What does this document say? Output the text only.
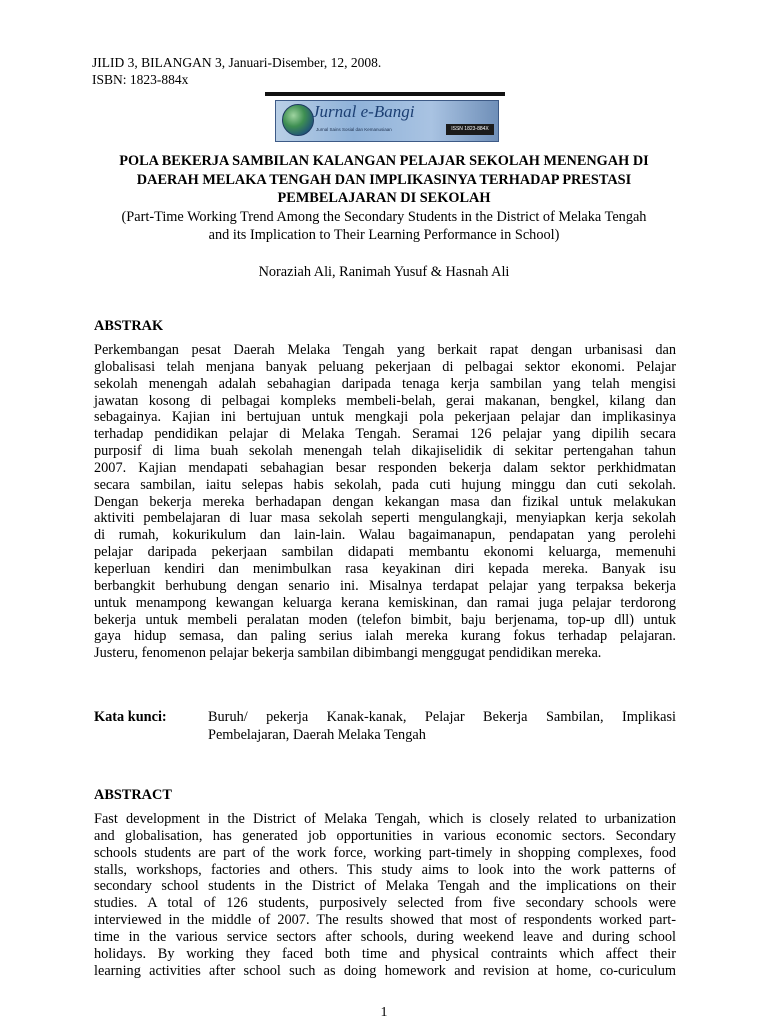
JILID 3, BILANGAN 3, Januari-Disember, 12, 2008.
ISBN: 1823-884x
Jurnal e-Bangi
Jurnal Sains Sosial dan Kemanusiaan	ISSN 1823-884X
POLA BEKERJA SAMBILAN KALANGAN PELAJAR SEKOLAH MENENGAH DI
DAERAH MELAKA TENGAH DAN IMPLIKASINYA TERHADAP PRESTASI
PEMBELAJARAN DI SEKOLAH
(Part-Time Working Trend Among the Secondary Students in the District of Melaka Tengah
and its Implication to Their Learning Performance in School)
Noraziah Ali, Ranimah Yusuf & Hasnah Ali
ABSTRAK
Perkembangan pesat Daerah Melaka Tengah yang berkait rapat dengan urbanisasi dan
globalisasi telah menjana banyak peluang pekerjaan di pelbagai sektor ekonomi. Pelajar
sekolah menengah adalah sebahagian daripada tenaga kerja sambilan yang telah mengisi
jawatan kosong di pelbagai kompleks membeli-belah, gerai makanan, bengkel, kilang dan
sebagainya. Kajian ini bertujuan untuk mengkaji pola pekerjaan pelajar dan implikasinya
terhadap pendidikan pelajar di Melaka Tengah. Seramai 126 pelajar yang dipilih secara
purposif di lima buah sekolah menengah telah dikajiselidik di sekitar pertengahan tahun
2007. Kajian mendapati sebahagian besar responden bekerja dalam sektor perkhidmatan
secara sambilan, iaitu selepas habis sekolah, pada cuti hujung minggu dan cuti sekolah.
Dengan bekerja mereka berhadapan dengan kekangan masa dan fizikal untuk melakukan
aktiviti pembelajaran di luar masa sekolah seperti mengulangkaji, menyiapkan kerja sekolah
di rumah, kokurikulum dan lain-lain. Walau bagaimanapun, pendapatan yang perolehi
pelajar daripada pekerjaan sambilan didapati membantu ekonomi keluarga, memenuhi
keperluan kendiri dan menimbulkan rasa keyakinan diri kepada mereka. Banyak isu
berbangkit berhubung dengan senario ini. Misalnya terdapat pelajar yang terpaksa bekerja
untuk menampong kewangan keluarga kerana kemiskinan, dan ramai juga pelajar terdorong
bekerja untuk membeli peralatan moden (telefon bimbit, baju berjenama, top-up dll) untuk
gaya hidup semasa, dan paling serius ialah mereka kurang fokus terhadap pelajaran.
Justeru, fenomenon pelajar bekerja sambilan dibimbangi menggugat pendidikan mereka.
Kata kunci:	Buruh/ pekerja Kanak-kanak, Pelajar Bekerja Sambilan, Implikasi
Pembelajaran, Daerah Melaka Tengah
ABSTRACT
Fast development in the District of Melaka Tengah, which is closely related to urbanization
and globalisation, has generated job opportunities in various economic sectors. Secondary
schools students are part of the work force, working part-timely in shopping complexes, food
stalls, workshops, factories and others. This study aims to look into the work patterns of
secondary school students in the District of Melaka Tengah and the implications on their
studies. A total of 126 students, purposively selected from five secondary schools were
interviewed in the middle of 2007. The results showed that most of respondents worked part-
time in the various service sectors after schools, during weekend leave and during school
holidays. By working they faced both time and physical contraints which affect their
learning activities after school such as doing homework and revision at home, co-curiculum
1
